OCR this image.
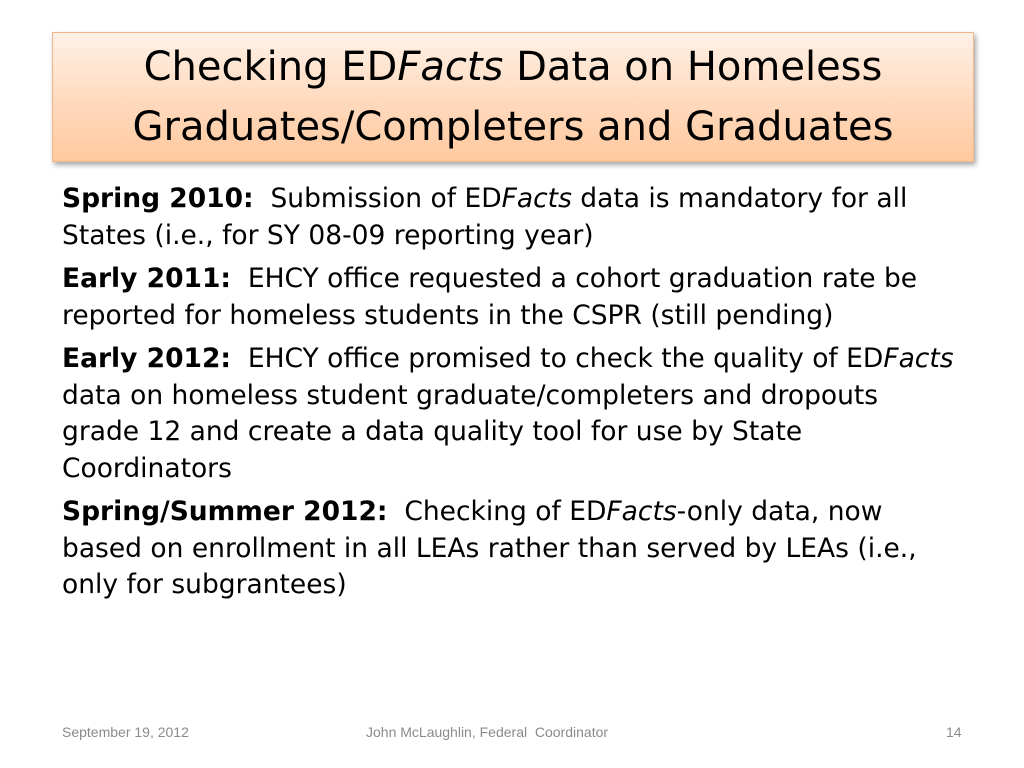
Checking EDFacts Data on Homeless
Graduates/Completers and Graduates

Spring 2010:  Submission of EDFacts data is mandatory for all States (i.e., for SY 08-09 reporting year)

Early 2011:  EHCY office requested a cohort graduation rate be reported for homeless students in the CSPR (still pending)

Early 2012:  EHCY office promised to check the quality of EDFacts data on homeless student graduate/completers and dropouts grade 12 and create a data quality tool for use by State Coordinators

Spring/Summer 2012:  Checking of EDFacts-only data, now based on enrollment in all LEAs rather than served by LEAs (i.e., only for subgrantees)

September 19, 2012	John McLaughlin, Federal  Coordinator	14
